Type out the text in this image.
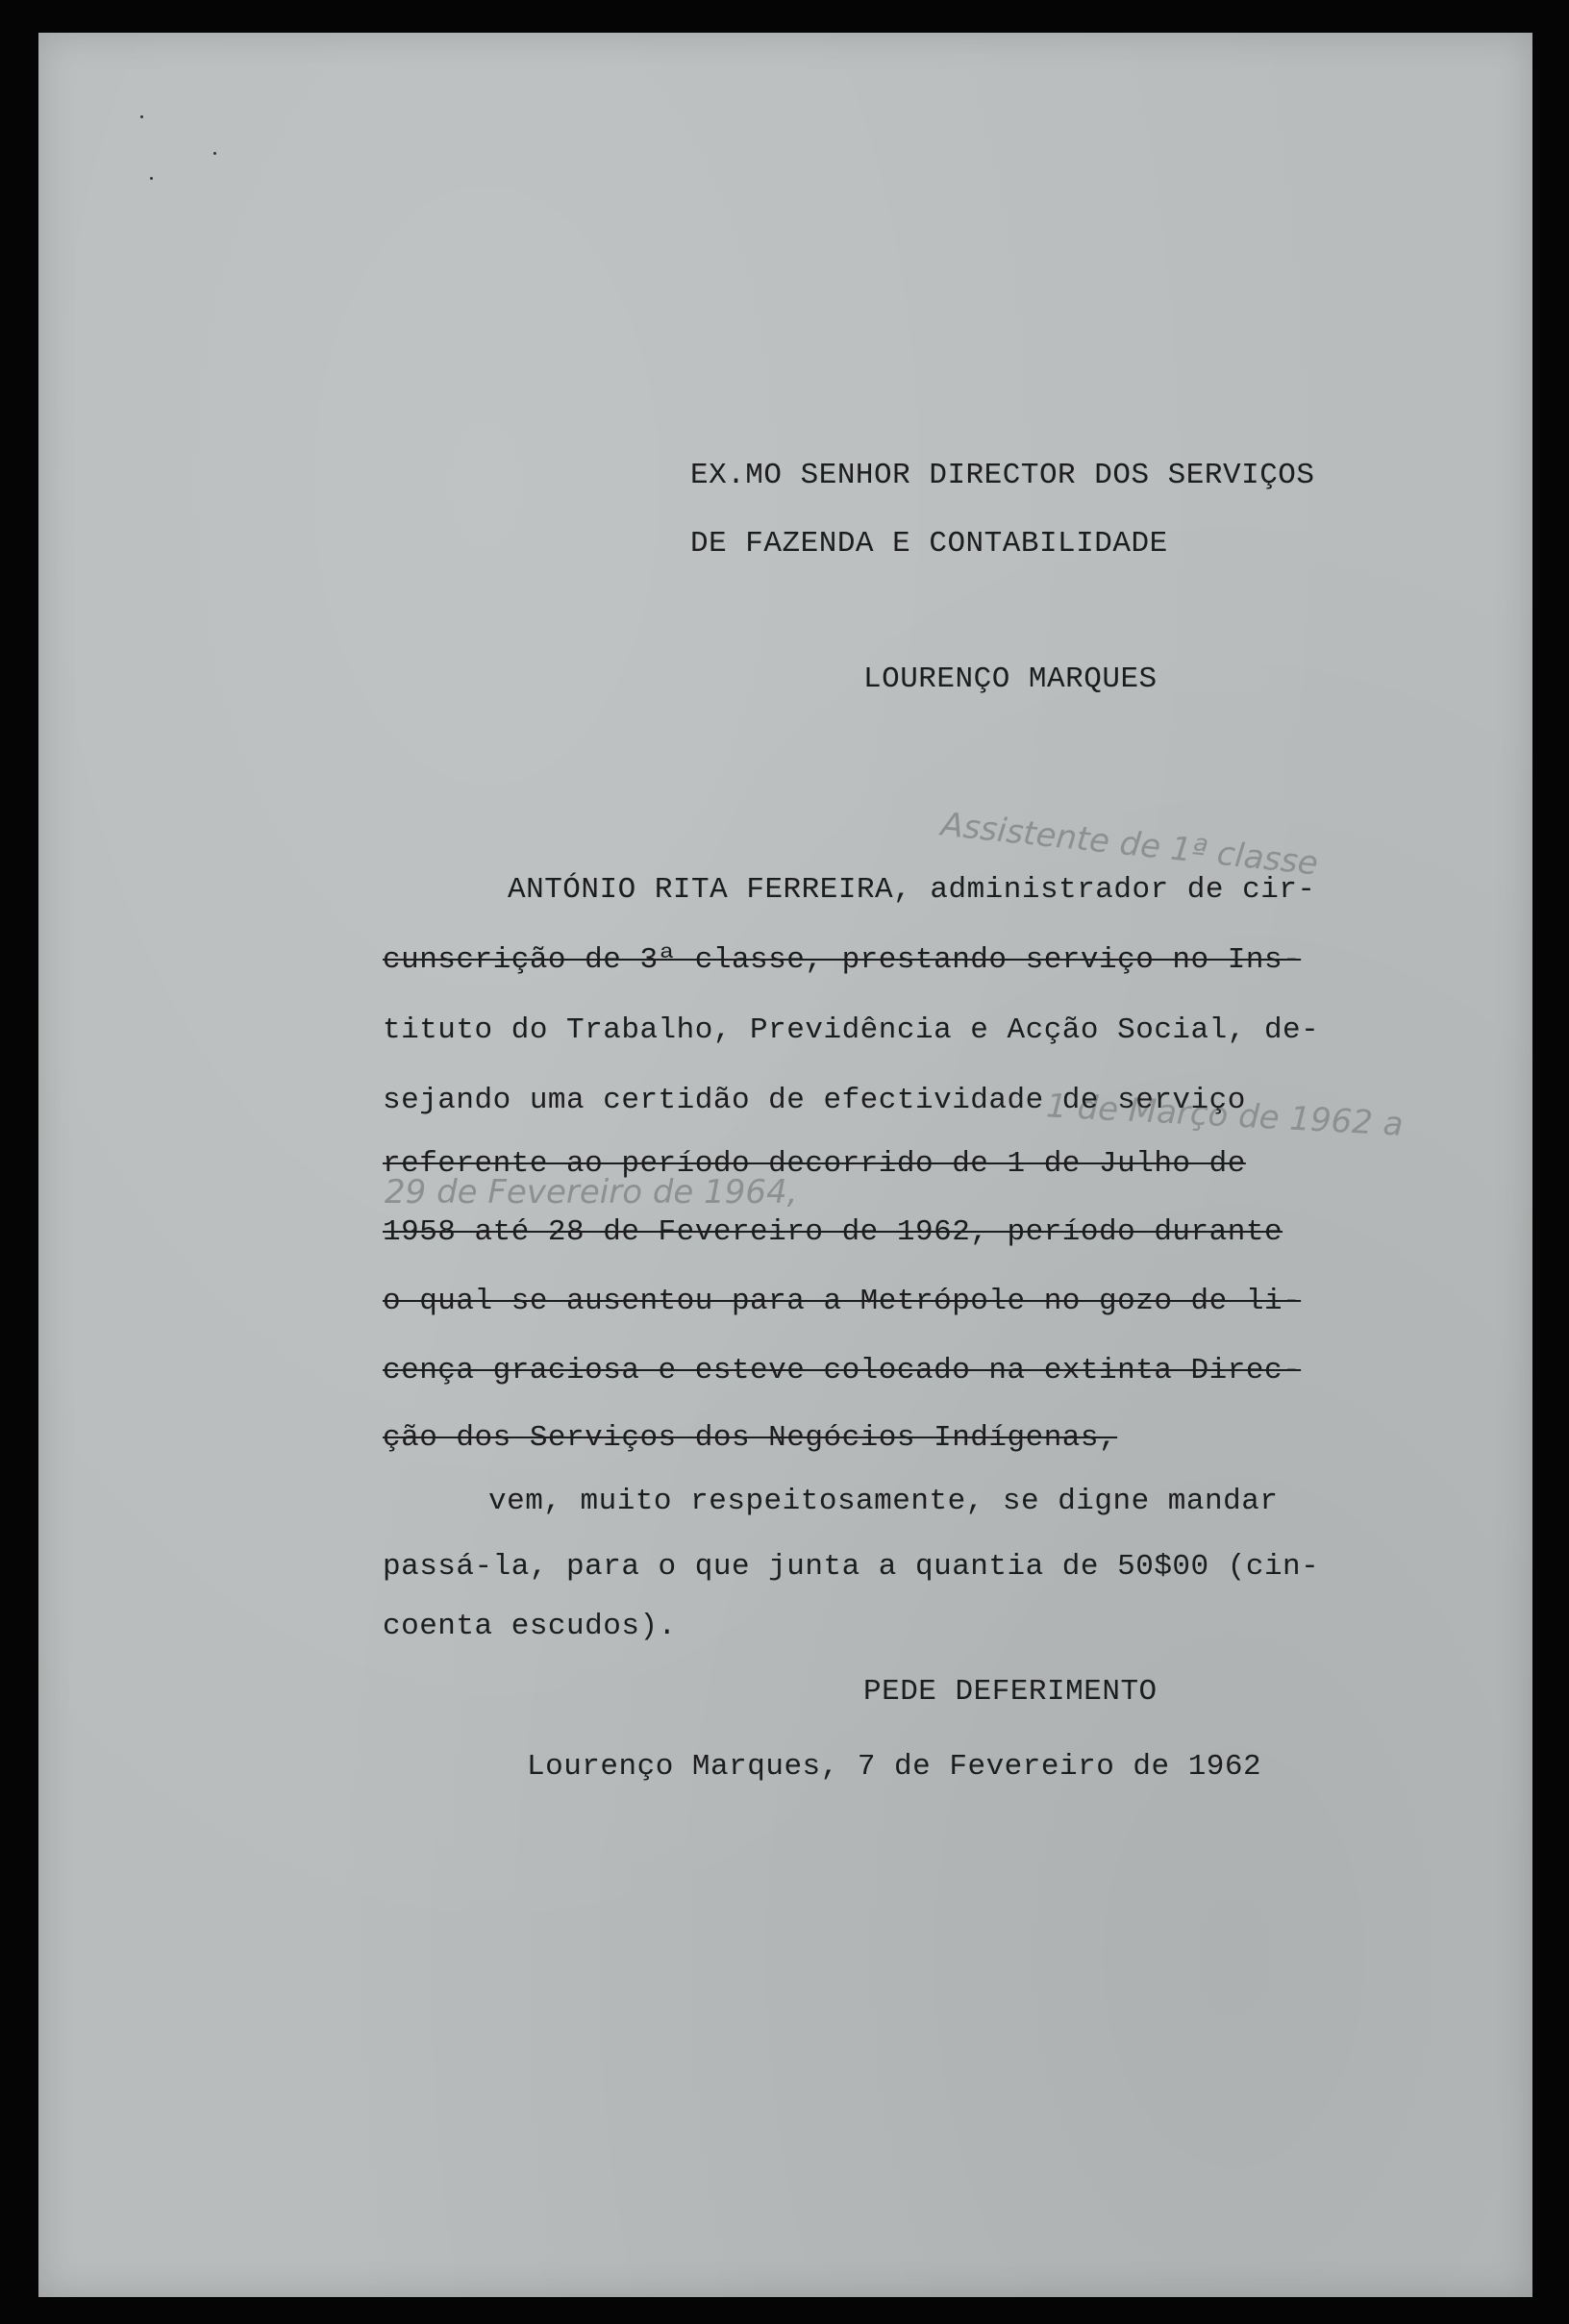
EX.MO SENHOR DIRECTOR DOS SERVIÇOS
DE FAZENDA E CONTABILIDADE
LOURENÇO MARQUES
Assistente de 1ª classe
1 de Março de 1962 a
29 de Fevereiro de 1964,
ANTÓNIO RITA FERREIRA, administrador de cir-
cunscrição de 3ª classe, prestando serviço no Ins-
tituto do Trabalho, Previdência e Acção Social, de-
sejando uma certidão de efectividade de serviço
referente ao período decorrido de 1 de Julho de
1958 até 28 de Fevereiro de 1962, período durante
o qual se ausentou para a Metrópole no gozo de li-
cença graciosa e esteve colocado na extinta Direc-
ção dos Serviços dos Negócios Indígenas,
vem, muito respeitosamente, se digne mandar
passá-la, para o que junta a quantia de 50$00 (cin-
coenta escudos).
PEDE DEFERIMENTO
Lourenço Marques, 7 de Fevereiro de 1962
